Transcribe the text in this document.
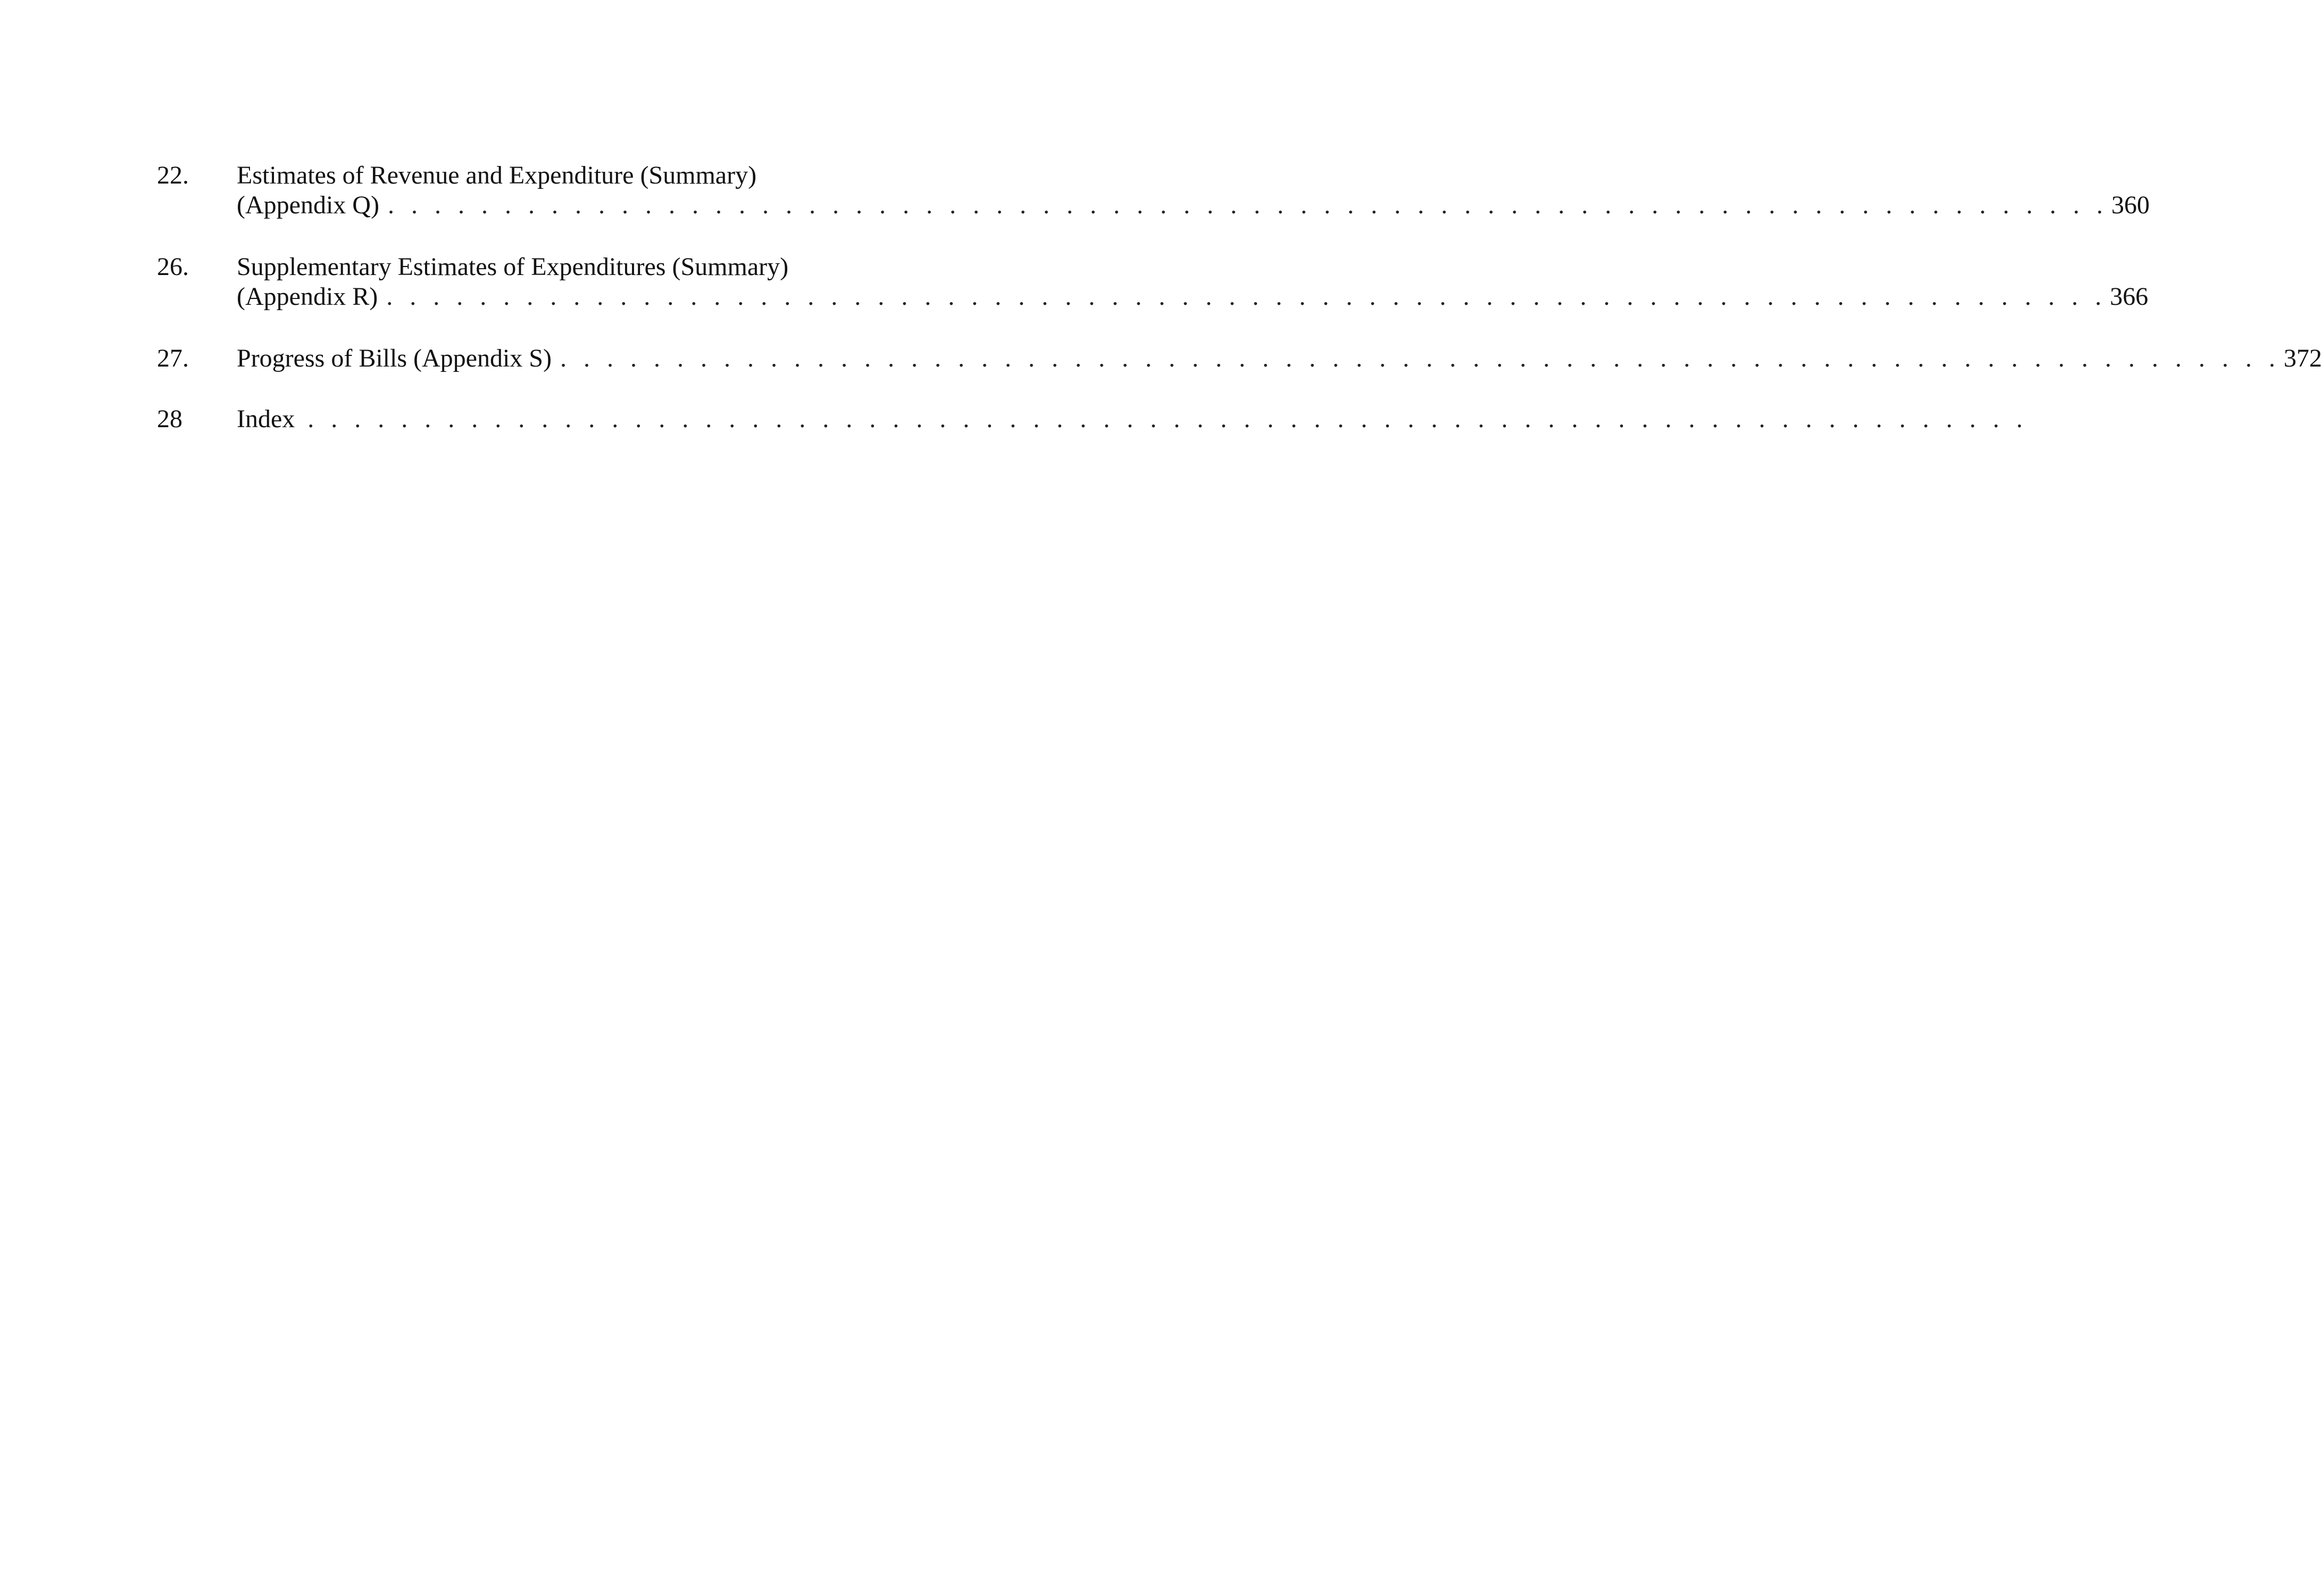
22.	Estimates of Revenue and Expenditure (Summary)
(Appendix Q) . . . . . . . . . . . . . . . . . . . . . . . . . . . . . . . . . . . . . . . . . . . . . . . . . . . . . . . . . . . . . . . . . . . . . . . . . . 360
26.	Supplementary Estimates of Expenditures (Summary)
(Appendix R) . . . . . . . . . . . . . . . . . . . . . . . . . . . . . . . . . . . . . . . . . . . . . . . . . . . . . . . . . . . . . . . . . . . . . . . . . . 366
27.	Progress of Bills (Appendix S) . . . . . . . . . . . . . . . . . . . . . . . . . . . . . . . . . . . . . . . . . . . . . . . . . . . . . . . . . . . . . . . . . . . . . . . . . . 372
28	Index . . . . . . . . . . . . . . . . . . . . . . . . . . . . . . . . . . . . . . . . . . . . . . . . . . . . . . . . . . . . . . . . . . . . . . . . . .
